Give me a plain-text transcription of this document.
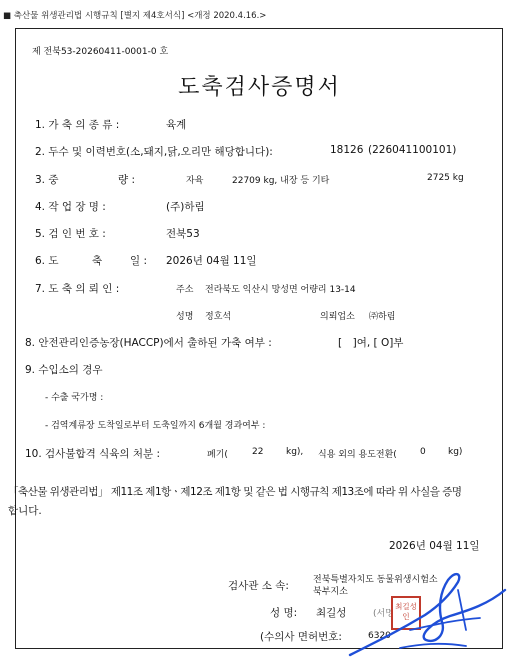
■ 축산물 위생관리법 시행규칙 [별지 제4호서식] <개정 2020.4.16.>
제 전북53-20260411-0001-0 호
도축검사증명서
1. 가 축 의 종 류 :	육계
2. 두수 및 이력번호(소,돼지,닭,오리만 해당합니다):	18126 (226041100101)
3. 중	량 :	자육	22709 kg, 내장 등 기타	2725 kg
4. 작 업 장 명 :	(주)하림
5. 검 인 번 호 :	전북53
6. 도	축	일 : 2026년 04월 11일
7. 도 축 의 뢰 인 :	주소 전라북도 익산시 망성면 어량리 13-14
성명 정호석	의뢰업소 ㈜하림
8. 안전관리인증농장(HACCP)에서 출하된 가축 여부 :	[　]여, [ O]부
9. 수입소의 경우
- 수출 국가명 :
- 검역계류장 도착일로부터 도축일까지 6개월 경과여부 :
10. 검사불합격 식육의 처분 :	폐기(	22	kg), 식용 외의 용도전환(	0 kg)
「축산물 위생관리법」 제11조 제1항ㆍ제12조 제1항 및 같은 법 시행규칙 제13조에 따라 위 사실을 증명
합니다.
2026년 04월 11일
검사관 소 속:	전북특별자치도 동물위생시험소
북부지소
성 명: 최길성	(서명
(수의사 면허번호:	6320
최길성인
